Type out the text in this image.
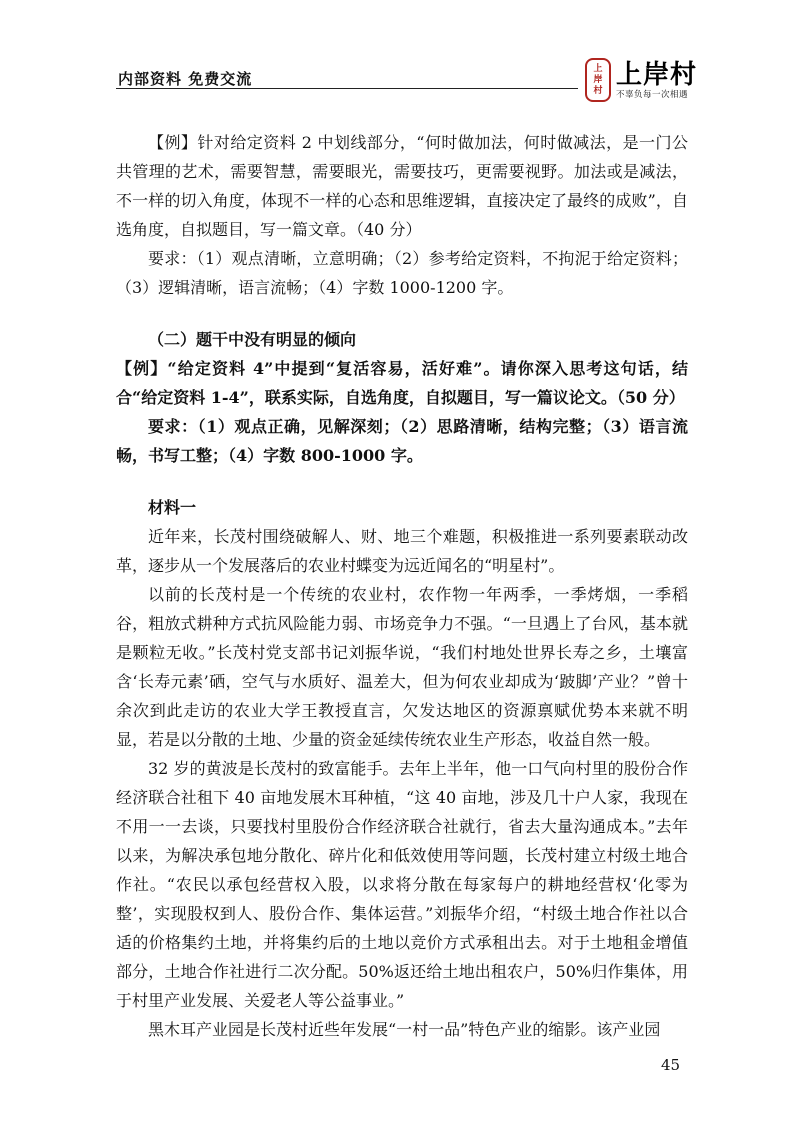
内部资料 免费交流
上
岸
村
上岸村
不辜负每一次相遇

【例】针对给定资料 2 中划线部分，“何时做加法，何时做减法，是一门公共管理的艺术，需要智慧，需要眼光，需要技巧，更需要视野。加法或是减法，不一样的切入角度，体现不一样的心态和思维逻辑，直接决定了最终的成败”，自选角度，自拟题目，写一篇文章。（40 分）

要求：（1）观点清晰，立意明确；（2）参考给定资料，不拘泥于给定资料；（3）逻辑清晰，语言流畅；（4）字数 1000-1200 字。

（二）题干中没有明显的倾向

【例】“给定资料 4”中提到“复活容易，活好难”。请你深入思考这句话，结合“给定资料 1-4”，联系实际，自选角度，自拟题目，写一篇议论文。（50 分）

要求：（1）观点正确，见解深刻；（2）思路清晰，结构完整；（3）语言流畅，书写工整；（4）字数 800-1000 字。

材料一

近年来，长茂村围绕破解人、财、地三个难题，积极推进一系列要素联动改革，逐步从一个发展落后的农业村蝶变为远近闻名的“明星村”。

以前的长茂村是一个传统的农业村，农作物一年两季，一季烤烟，一季稻谷，粗放式耕种方式抗风险能力弱、市场竞争力不强。“一旦遇上了台风，基本就是颗粒无收。”长茂村党支部书记刘振华说，“我们村地处世界长寿之乡，土壤富含‘长寿元素’硒，空气与水质好、温差大，但为何农业却成为‘跛脚’产业？”曾十余次到此走访的农业大学王教授直言，欠发达地区的资源禀赋优势本来就不明显，若是以分散的土地、少量的资金延续传统农业生产形态，收益自然一般。

32 岁的黄波是长茂村的致富能手。去年上半年，他一口气向村里的股份合作经济联合社租下 40 亩地发展木耳种植，“这 40 亩地，涉及几十户人家，我现在不用一一去谈，只要找村里股份合作经济联合社就行，省去大量沟通成本。”去年以来，为解决承包地分散化、碎片化和低效使用等问题，长茂村建立村级土地合作社。“农民以承包经营权入股，以求将分散在每家每户的耕地经营权‘化零为整’，实现股权到人、股份合作、集体运营。”刘振华介绍，“村级土地合作社以合适的价格集约土地，并将集约后的土地以竞价方式承租出去。对于土地租金增值部分，土地合作社进行二次分配。50%返还给土地出租农户，50%归作集体，用于村里产业发展、关爱老人等公益事业。”

黑木耳产业园是长茂村近些年发展“一村一品”特色产业的缩影。该产业园

45
